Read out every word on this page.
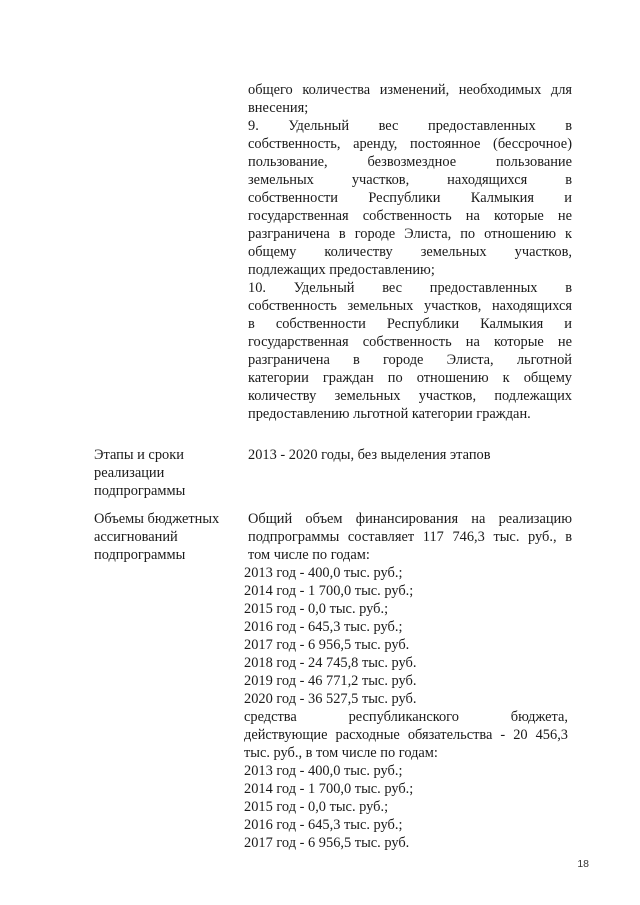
общего количества изменений, необходимых для
внесения;
9. Удельный вес предоставленных в
собственность, аренду, постоянное (бессрочное)
пользование, безвозмездное пользование
земельных участков, находящихся в
собственности Республики Калмыкия и
государственная собственность на которые не
разграничена в городе Элиста, по отношению к
общему количеству земельных участков,
подлежащих предоставлению;
10. Удельный вес предоставленных в
собственность земельных участков, находящихся
в собственности Республики Калмыкия и
государственная собственность на которые не
разграничена в городе Элиста, льготной
категории граждан по отношению к общему
количеству земельных участков, подлежащих
предоставлению льготной категории граждан.
Этапы и сроки
реализации
подпрограммы
2013 - 2020 годы, без выделения этапов
Объемы бюджетных
ассигнований
подпрограммы
Общий объем финансирования на реализацию
подпрограммы составляет 117 746,3 тыс. руб., в
том числе по годам:
2013 год - 400,0 тыс. руб.;
2014 год - 1 700,0 тыс. руб.;
2015 год - 0,0 тыс. руб.;
2016 год - 645,3 тыс. руб.;
2017 год - 6 956,5 тыс. руб.
2018 год - 24 745,8 тыс. руб.
2019 год - 46 771,2 тыс. руб.
2020 год - 36 527,5 тыс. руб.
средства республиканского бюджета,
действующие расходные обязательства - 20 456,3
тыс. руб., в том числе по годам:
2013 год - 400,0 тыс. руб.;
2014 год - 1 700,0 тыс. руб.;
2015 год - 0,0 тыс. руб.;
2016 год - 645,3 тыс. руб.;
2017 год - 6 956,5 тыс. руб.
18
